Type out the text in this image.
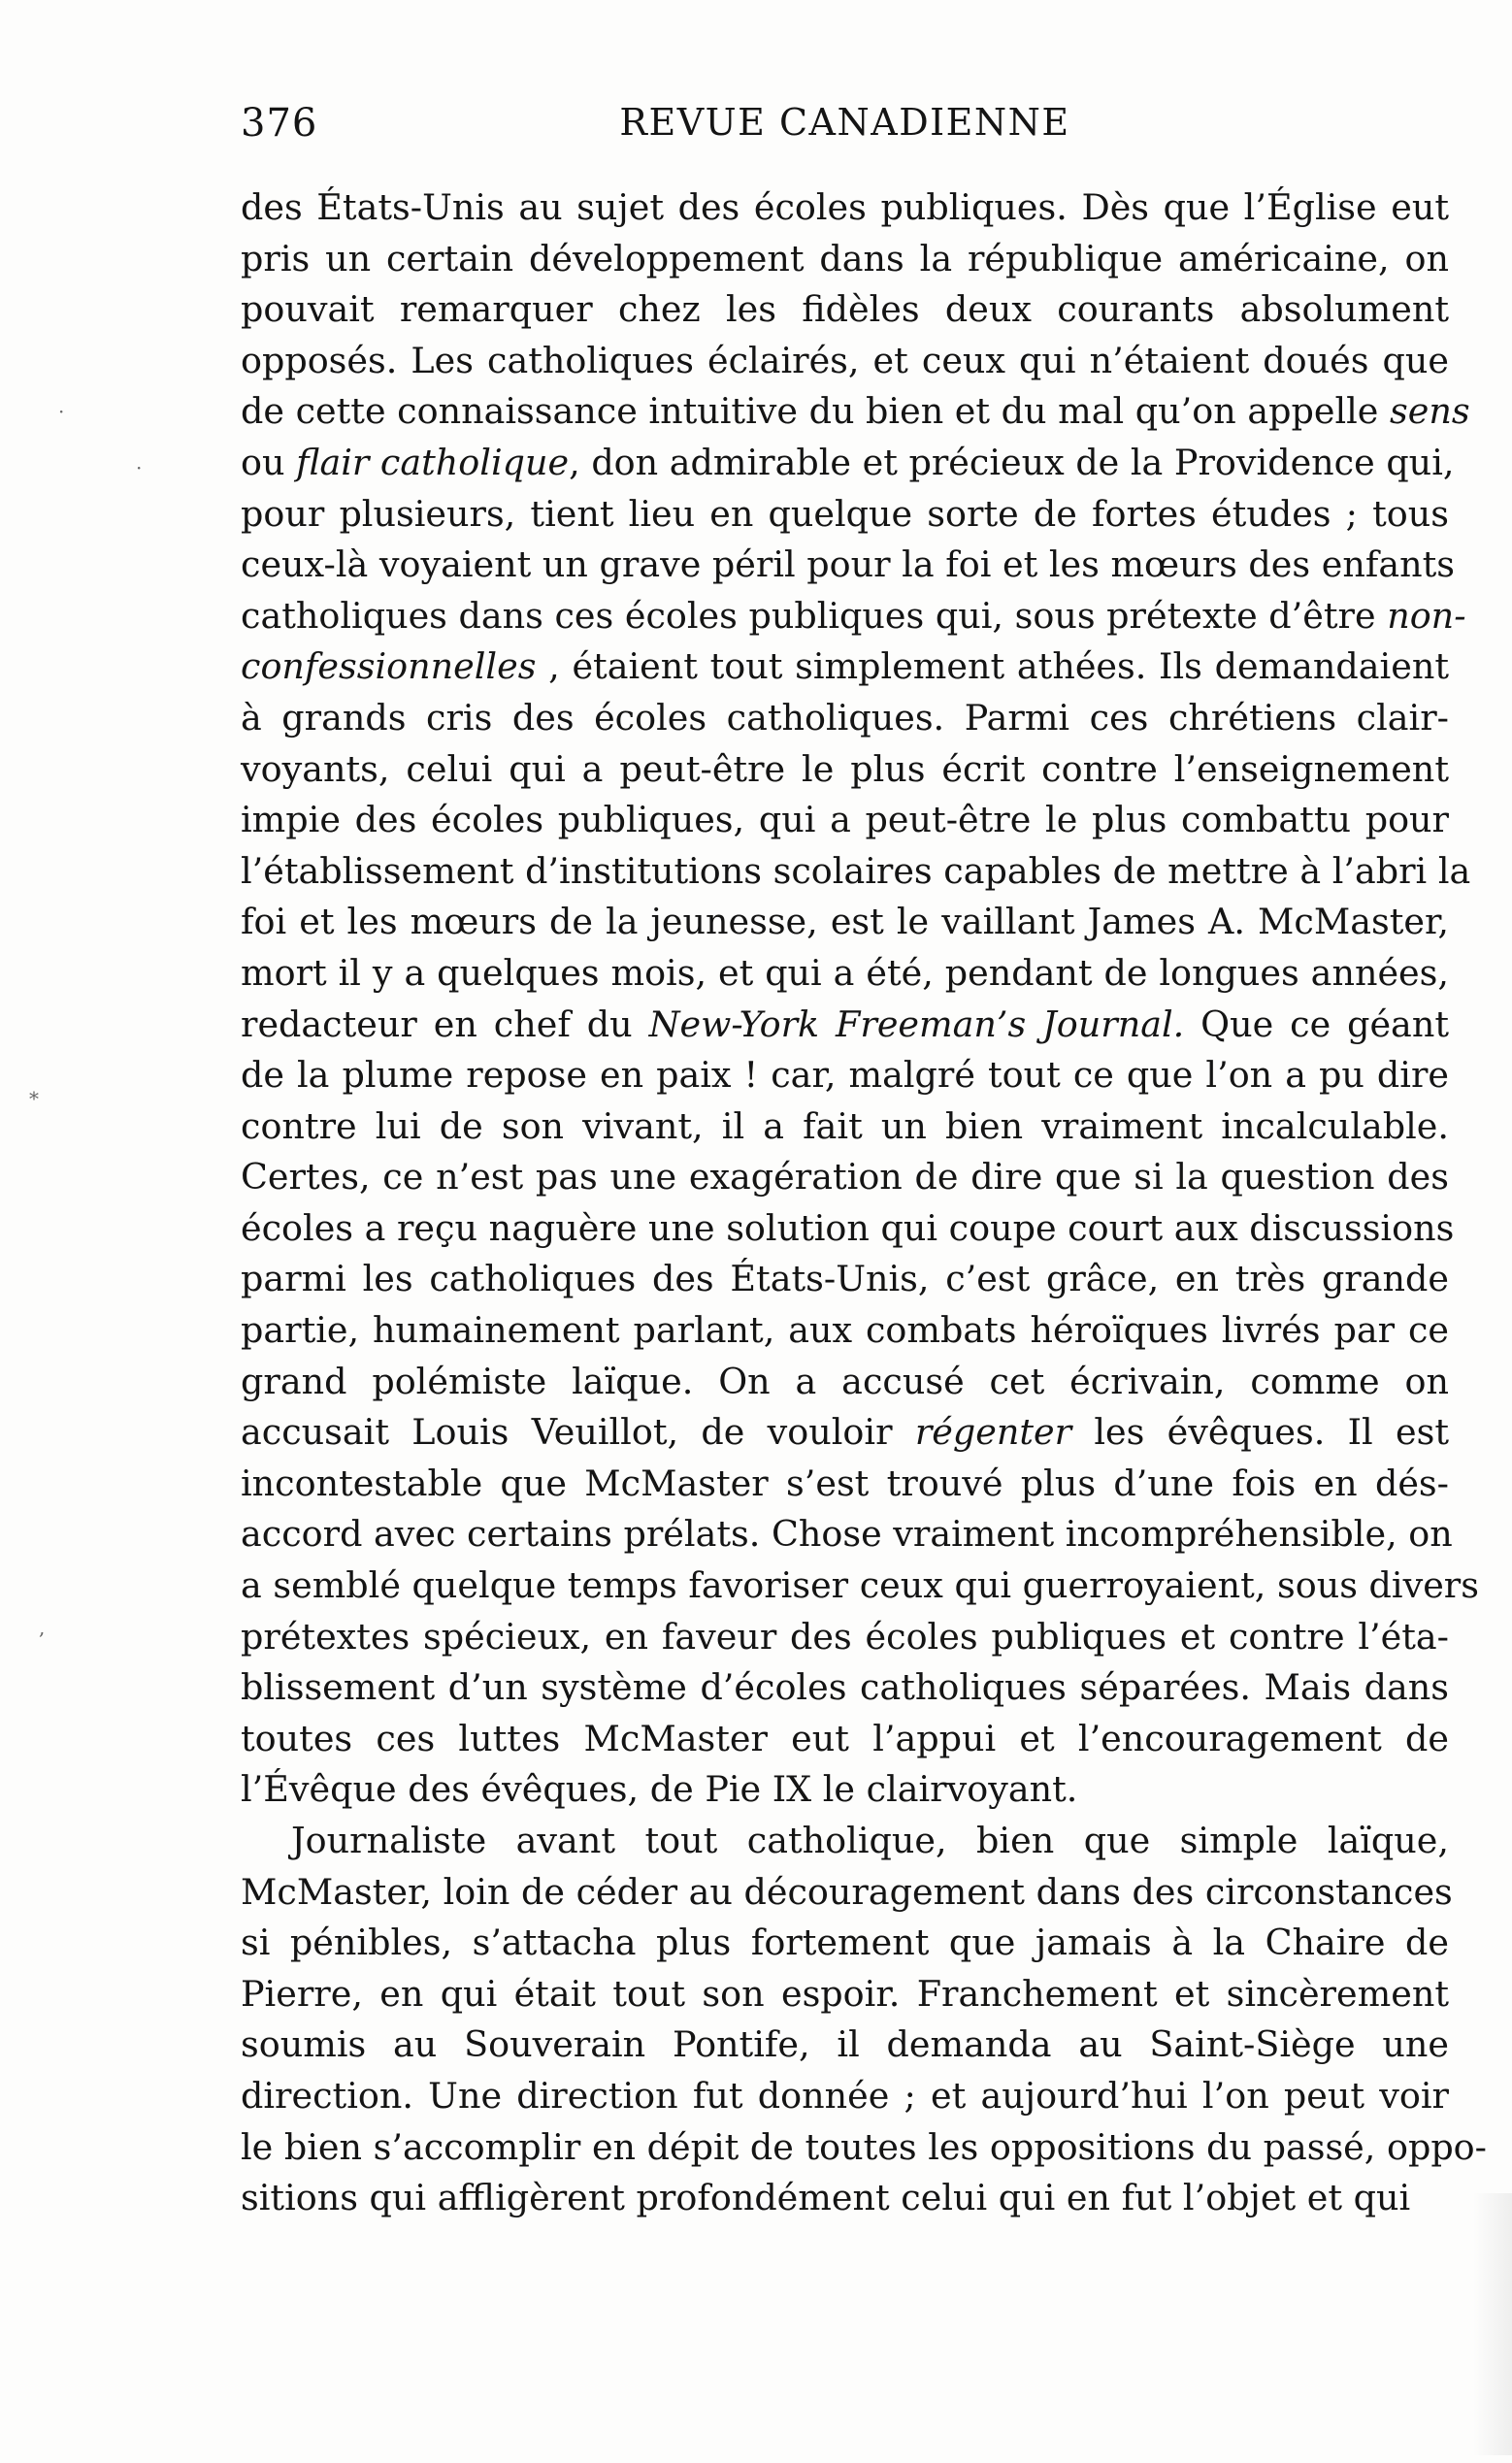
376	REVUE CANADIENNE
des États-Unis au sujet des écoles publiques. Dès que l’Église eut
pris un certain développement dans la république américaine, on
pouvait remarquer chez les fidèles deux courants absolument
opposés. Les catholiques éclairés, et ceux qui n’étaient doués que
de cette connaissance intuitive du bien et du mal qu’on appelle sens
ou flair catholique, don admirable et précieux de la Providence qui,
pour plusieurs, tient lieu en quelque sorte de fortes études ; tous
ceux-là voyaient un grave péril pour la foi et les mœurs des enfants
catholiques dans ces écoles publiques qui, sous prétexte d’être non-
confessionnelles , étaient tout simplement athées. Ils demandaient
à grands cris des écoles catholiques. Parmi ces chrétiens clair-
voyants, celui qui a peut-être le plus écrit contre l’enseignement
impie des écoles publiques, qui a peut-être le plus combattu pour
l’établissement d’institutions scolaires capables de mettre à l’abri la
foi et les mœurs de la jeunesse, est le vaillant James A. McMaster,
mort il y a quelques mois, et qui a été, pendant de longues années,
redacteur en chef du New-York Freeman’s Journal. Que ce géant
de la plume repose en paix ! car, malgré tout ce que l’on a pu dire
contre lui de son vivant, il a fait un bien vraiment incalculable.
Certes, ce n’est pas une exagération de dire que si la question des
écoles a reçu naguère une solution qui coupe court aux discussions
parmi les catholiques des États-Unis, c’est grâce, en très grande
partie, humainement parlant, aux combats héroïques livrés par ce
grand polémiste laïque. On a accusé cet écrivain, comme on
accusait Louis Veuillot, de vouloir régenter les évêques. Il est
incontestable que McMaster s’est trouvé plus d’une fois en dés-
accord avec certains prélats. Chose vraiment incompréhensible, on
a semblé quelque temps favoriser ceux qui guerroyaient, sous divers
prétextes spécieux, en faveur des écoles publiques et contre l’éta-
blissement d’un système d’écoles catholiques séparées. Mais dans
toutes ces luttes McMaster eut l’appui et l’encouragement de
l’Évêque des évêques, de Pie IX le clairvoyant.
Journaliste avant tout catholique, bien que simple laïque,
McMaster, loin de céder au découragement dans des circonstances
si pénibles, s’attacha plus fortement que jamais à la Chaire de
Pierre, en qui était tout son espoir. Franchement et sincèrement
soumis au Souverain Pontife, il demanda au Saint-Siège une
direction. Une direction fut donnée ; et aujourd’hui l’on peut voir
le bien s’accomplir en dépit de toutes les oppositions du passé, oppo-
sitions qui affligèrent profondément celui qui en fut l’objet et qui
·
·
*
,
